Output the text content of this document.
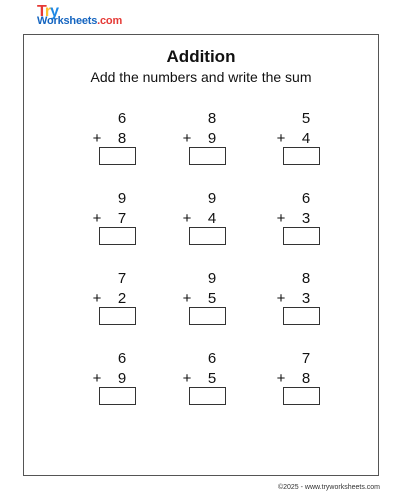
Try
Worksheets.com
Addition
Add the numbers and write the sum
6
+ 8
8
+ 9
5
+ 4
9
+ 7
9
+ 4
6
+ 3
7
+ 2
9
+ 5
8
+ 3
6
+ 9
6
+ 5
7
+ 8
©2025 - www.tryworksheets.com
